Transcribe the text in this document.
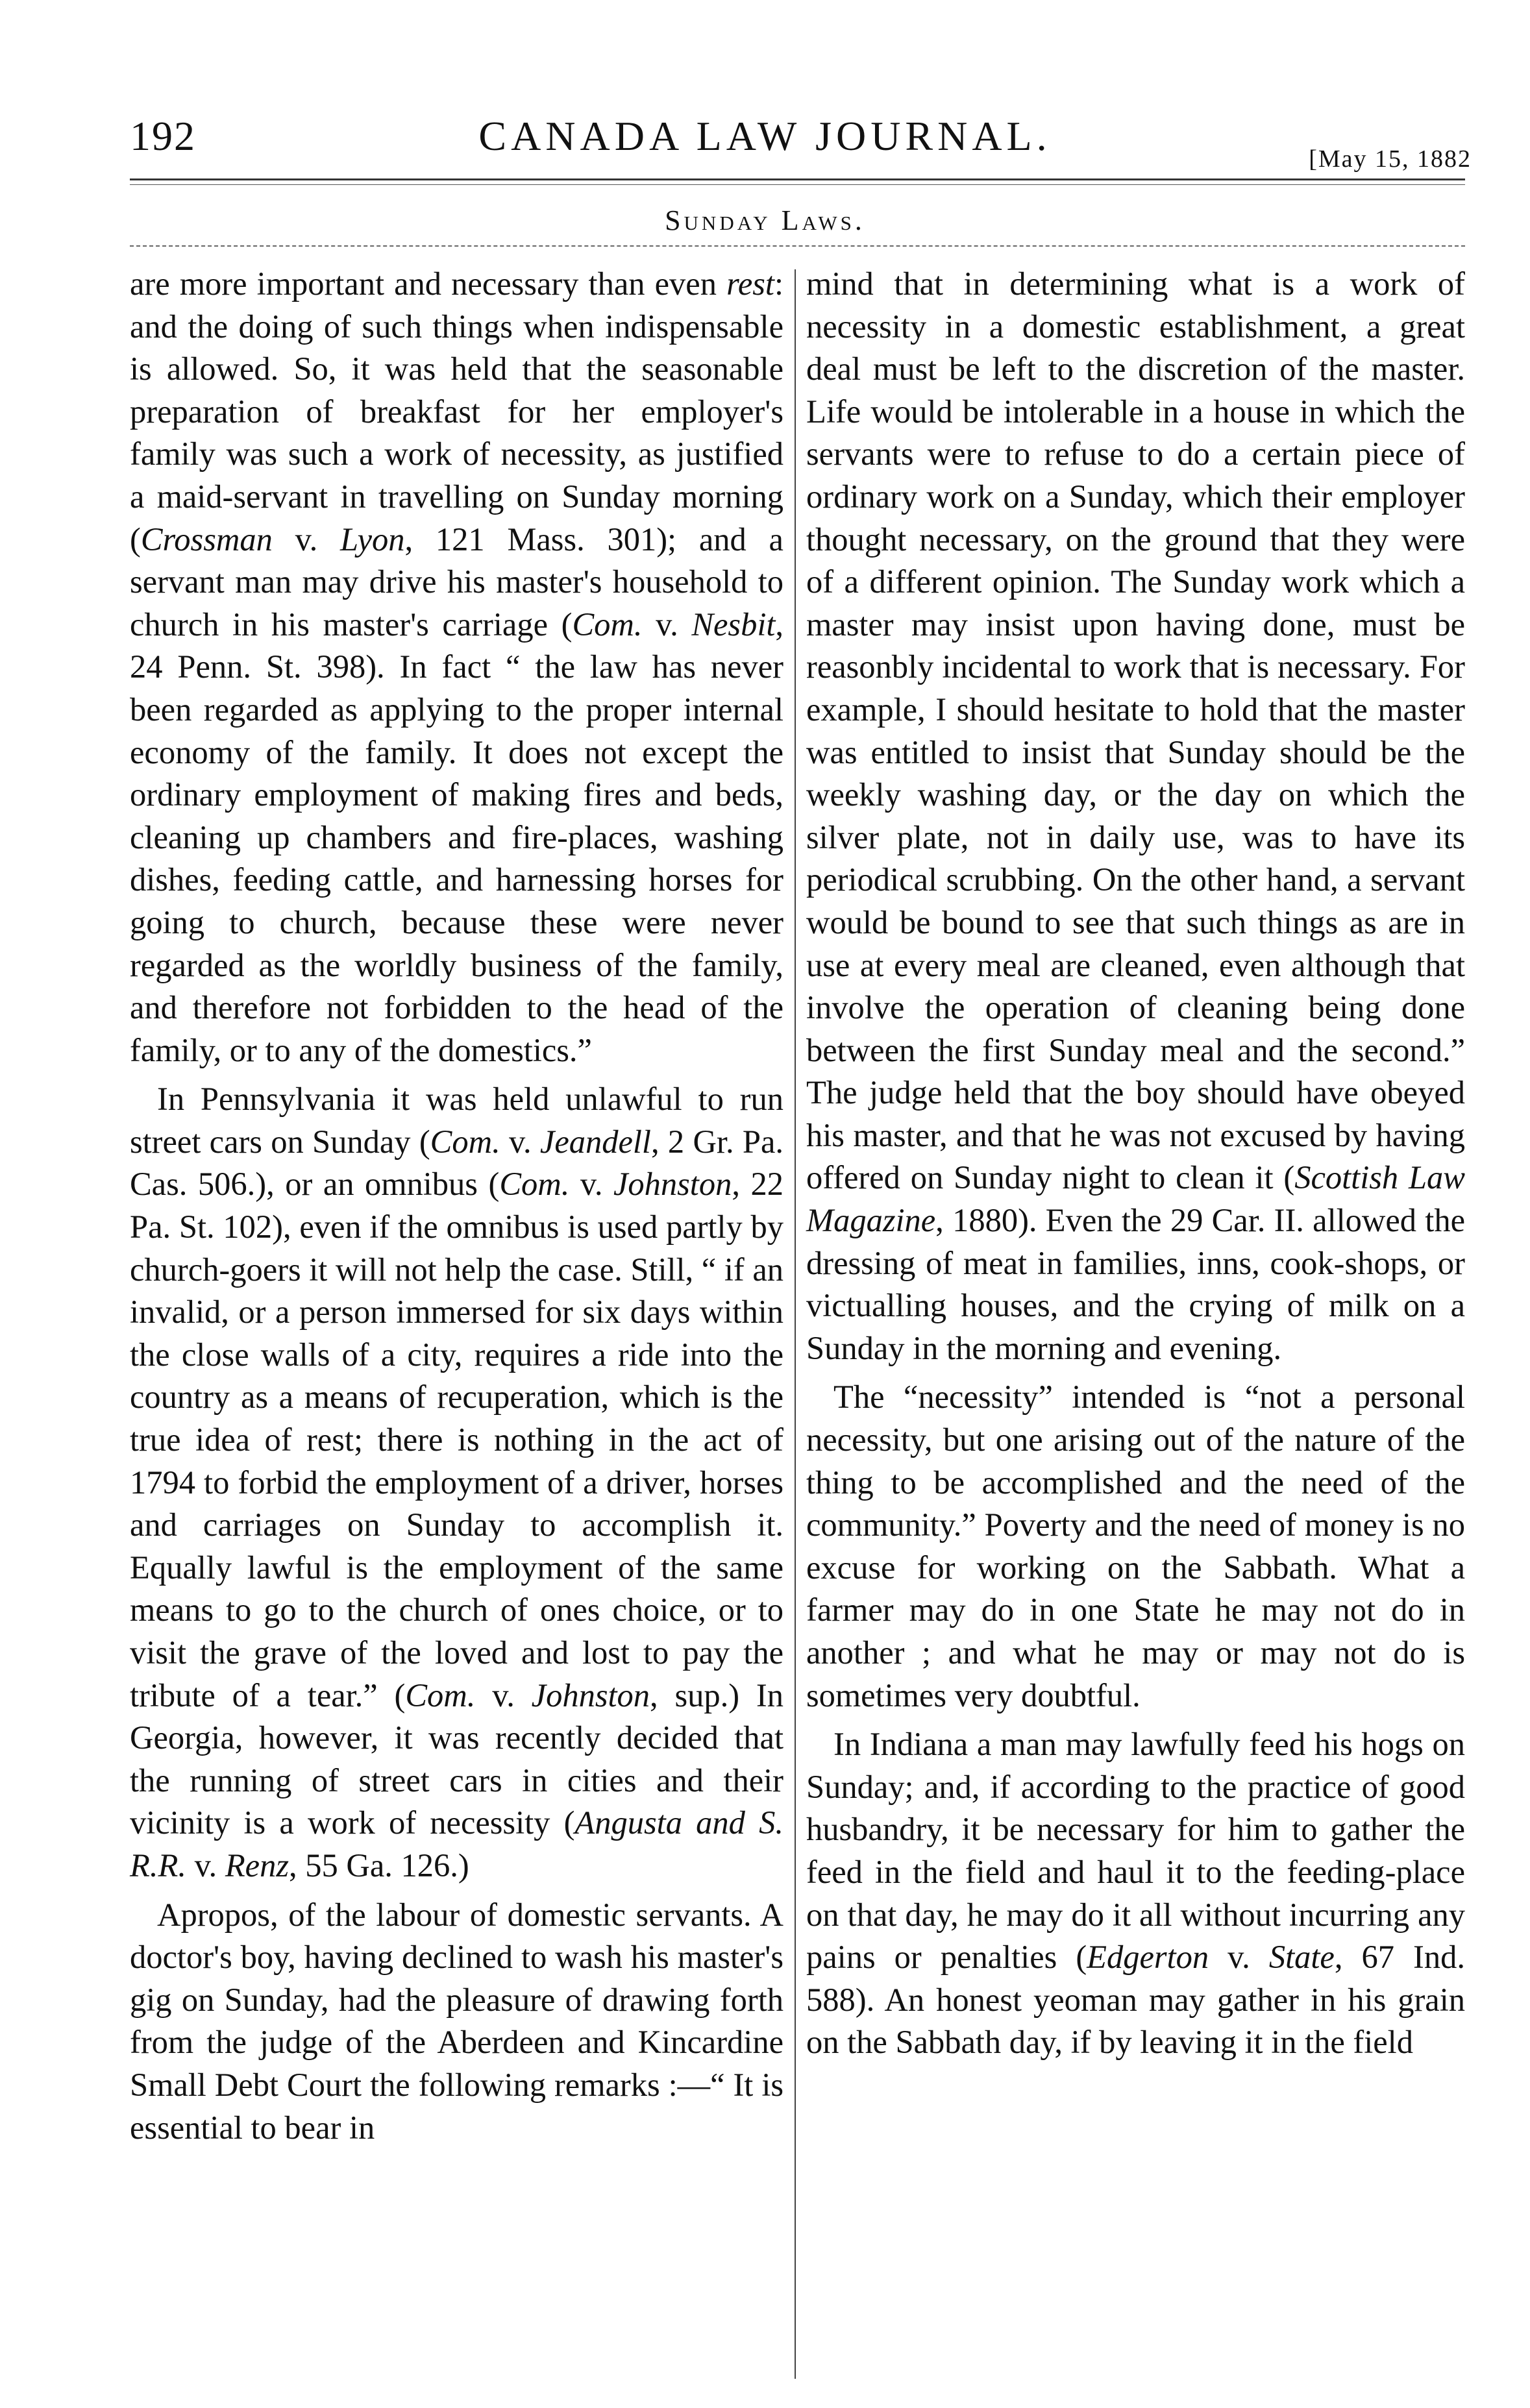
192	CANADA LAW JOURNAL.	[May 15, 1882
Sunday Laws.

are more important and necessary than even rest: and the doing of such things when indispensable is allowed. So, it was held that the seasonable preparation of breakfast for her employer's family was such a work of necessity, as justified a maid-servant in travelling on Sunday morning (Crossman v. Lyon, 121 Mass. 301); and a servant man may drive his master's household to church in his master's carriage (Com. v. Nesbit, 24 Penn. St. 398). In fact “ the law has never been regarded as applying to the proper internal economy of the family. It does not except the ordinary employment of making fires and beds, cleaning up chambers and fire-places, washing dishes, feeding cattle, and harnessing horses for going to church, because these were never regarded as the worldly business of the family, and therefore not forbidden to the head of the family, or to any of the domestics.”

In Pennsylvania it was held unlawful to run street cars on Sunday (Com. v. Jeandell, 2 Gr. Pa. Cas. 506.), or an omnibus (Com. v. Johnston, 22 Pa. St. 102), even if the omnibus is used partly by church-goers it will not help the case. Still, “ if an invalid, or a person immersed for six days within the close walls of a city, requires a ride into the country as a means of recuperation, which is the true idea of rest; there is nothing in the act of 1794 to forbid the employment of a driver, horses and carriages on Sunday to accomplish it. Equally lawful is the employment of the same means to go to the church of ones choice, or to visit the grave of the loved and lost to pay the tribute of a tear.” (Com. v. Johnston, sup.) In Georgia, however, it was recently decided that the running of street cars in cities and their vicinity is a work of necessity (Angusta and S. R.R. v. Renz, 55 Ga. 126.)

Apropos, of the labour of domestic servants. A doctor's boy, having declined to wash his master's gig on Sunday, had the pleasure of drawing forth from the judge of the Aberdeen and Kincardine Small Debt Court the following remarks :—“ It is essential to bear in

mind that in determining what is a work of necessity in a domestic establishment, a great deal must be left to the discretion of the master. Life would be intolerable in a house in which the servants were to refuse to do a certain piece of ordinary work on a Sunday, which their employer thought necessary, on the ground that they were of a different opinion. The Sunday work which a master may insist upon having done, must be reasonbly incidental to work that is necessary. For example, I should hesitate to hold that the master was entitled to insist that Sunday should be the weekly washing day, or the day on which the silver plate, not in daily use, was to have its periodical scrubbing. On the other hand, a servant would be bound to see that such things as are in use at every meal are cleaned, even although that involve the operation of cleaning being done between the first Sunday meal and the second.” The judge held that the boy should have obeyed his master, and that he was not excused by having offered on Sunday night to clean it (Scottish Law Magazine, 1880). Even the 29 Car. II. allowed the dressing of meat in families, inns, cook-shops, or victualling houses, and the crying of milk on a Sunday in the morning and evening.

The “necessity” intended is “not a personal necessity, but one arising out of the nature of the thing to be accomplished and the need of the community.” Poverty and the need of money is no excuse for working on the Sabbath. What a farmer may do in one State he may not do in another ; and what he may or may not do is sometimes very doubtful.

In Indiana a man may lawfully feed his hogs on Sunday; and, if according to the practice of good husbandry, it be necessary for him to gather the feed in the field and haul it to the feeding-place on that day, he may do it all without incurring any pains or penalties (Edgerton v. State, 67 Ind. 588). An honest yeoman may gather in his grain on the Sabbath day, if by leaving it in the field
